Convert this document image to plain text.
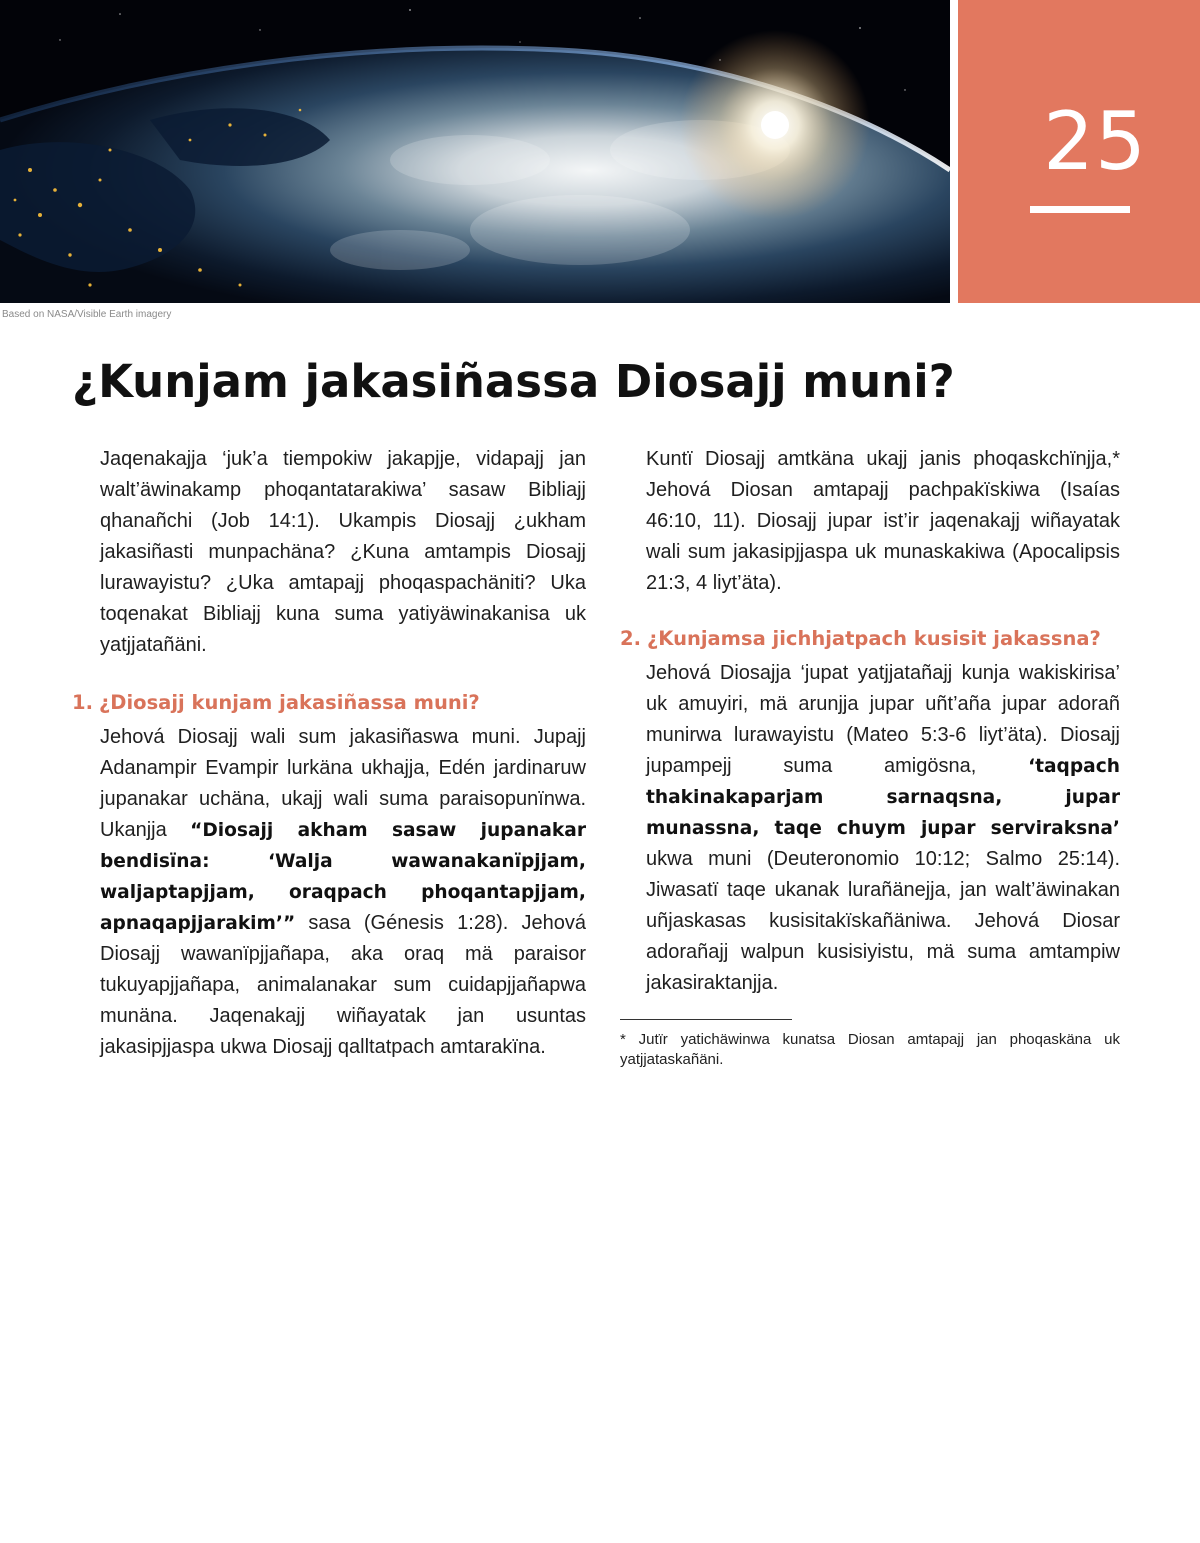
25
Based on NASA/Visible Earth imagery
¿Kunjam jakasiñassa Diosajj muni?

Jaqenakajja ‘juk’a tiempokiw jakapjje, vidapajj jan walt’äwinakamp phoqantatarakiwa’ sasaw Bibliajj qhanañchi (Job 14:1). Ukampis Diosajj ¿ukham jakasiñasti munpachäna? ¿Kuna amtampis Diosajj lurawayistu? ¿Uka amtapajj phoqaspachäniti? Uka toqenakat Bibliajj kuna suma yatiyäwinakanisa uk yatjjatañäni.

1. ¿Diosajj kunjam jakasiñassa muni?

Jehová Diosajj wali sum jakasiñaswa muni. Jupajj Adanampir Evampir lurkäna ukhajja, Edén jardinaruw jupanakar uchäna, ukajj wali suma paraisopunïnwa. Ukanjja “Diosajj akham sasaw jupanakar bendisïna: ‘Walja wawanakanïpjjam, waljaptapjjam, oraqpach phoqantapjjam, apnaqapjjarakim’” sasa (Génesis 1:28). Jehová Diosajj wawanïpjjañapa, aka oraq mä paraisor tukuyapjjañapa, animalanakar sum cuidapjjañapwa munäna. Jaqenakajj wiñayatak jan usuntas jakasipjjaspa ukwa Diosajj qalltatpach amtarakïna.

Kuntï Diosajj amtkäna ukajj janis phoqaskchïnjja,* Jehová Diosan amtapajj pachpakïskiwa (Isaías 46:10, 11). Diosajj jupar ist’ir jaqenakajj wiñayatak wali sum jakasipjjaspa uk munaskakiwa (Apocalipsis 21:3, 4 liyt’äta).

2. ¿Kunjamsa jichhjatpach kusisit jakassna?

Jehová Diosajja ‘jupat yatjjatañajj kunja wakiskirisa’ uk amuyiri, mä arunjja jupar uñt’aña jupar adorañ munirwa lurawayistu (Mateo 5:3-6 liyt’äta). Diosajj jupampejj suma amigösna, ‘taqpach thakinakaparjam sarnaqsna, jupar munassna, taqe chuym jupar serviraksna’ ukwa muni (Deuteronomio 10:12; Salmo 25:14). Jiwasatï taqe ukanak lurañänejja, jan walt’äwinakan uñjaskasas kusisitakïskañäniwa. Jehová Diosar adorañajj walpun kusisiyistu, mä suma amtampiw jakasiraktanjja.

* Jutïr yatichäwinwa kunatsa Diosan amtapajj jan phoqaskäna uk yatjjataskañäni.
